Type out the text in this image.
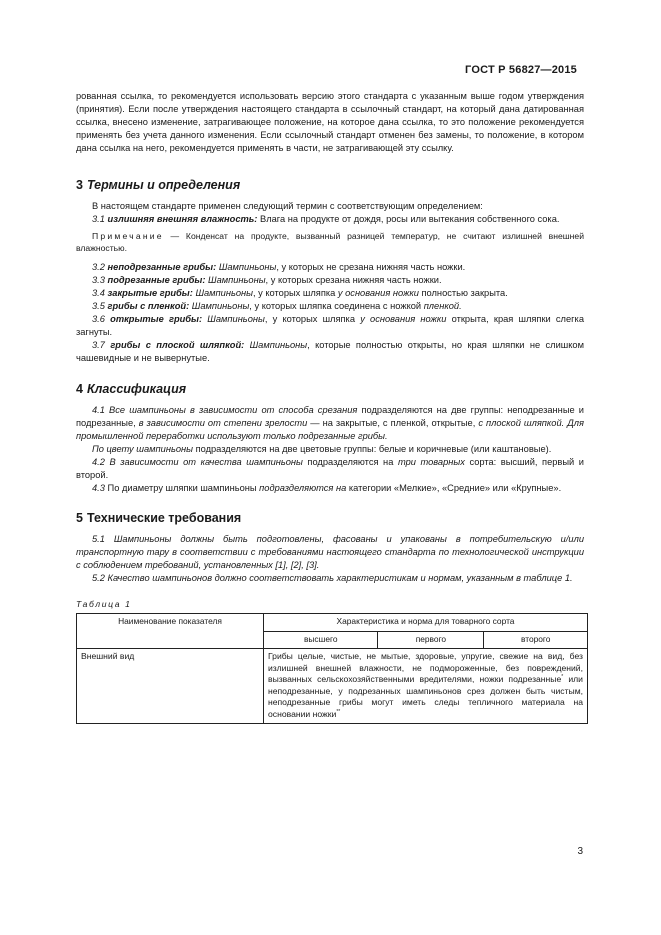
ГОСТ Р 56827—2015

рованная ссылка, то рекомендуется использовать версию этого стандарта с указанным выше годом утверждения (принятия). Если после утверждения настоящего стандарта в ссылочный стандарт, на который дана датированная ссылка, внесено изменение, затрагивающее положение, на которое дана ссылка, то это положение рекомендуется применять без учета данного изменения. Если ссылочный стандарт отменен без замены, то положение, в котором дана ссылка на него, рекомендуется применять в части, не затрагивающей эту ссылку.

3 Термины и определения

В настоящем стандарте применен следующий термин с соответствующим определением:

3.1 излишняя внешняя влажность: Влага на продукте от дождя, росы или вытекания собственного сока.

Примечание — Конденсат на продукте, вызванный разницей температур, не считают излишней внешней влажностью.

3.2 неподрезанные грибы: Шампиньоны, у которых не срезана нижняя часть ножки.

3.3 подрезанные грибы: Шампиньоны, у которых срезана нижняя часть ножки.

3.4 закрытые грибы: Шампиньоны, у которых шляпка у основания ножки полностью закрыта.

3.5 грибы с пленкой: Шампиньоны, у которых шляпка соединена с ножкой пленкой.

3.6 открытые грибы: Шампиньоны, у которых шляпка у основания ножки открыта, края шляпки слегка загнуты.

3.7 грибы с плоской шляпкой: Шампиньоны, которые полностью открыты, но края шляпки не слишком чашевидные и не вывернутые.

4 Классификация

4.1 Все шампиньоны в зависимости от способа срезания подразделяются на две группы: неподрезанные и подрезанные, в зависимости от степени зрелости — на закрытые, с пленкой, открытые, с плоской шляпкой. Для промышленной переработки используют только подрезанные грибы.

По цвету шампиньоны подразделяются на две цветовые группы: белые и коричневые (или каштановые).

4.2 В зависимости от качества шампиньоны подразделяются на три товарных сорта: высший, первый и второй.

4.3 По диаметру шляпки шампиньоны подразделяются на категории «Мелкие», «Средние» или «Крупные».

5 Технические требования

5.1 Шампиньоны должны быть подготовлены, фасованы и упакованы в потребительскую и/или транспортную тару в соответствии с требованиями настоящего стандарта по технологической инструкции с соблюдением требований, установленных [1], [2], [3].

5.2 Качество шампиньонов должно соответствовать характеристикам и нормам, указанным в таблице 1.

Таблица 1
Наименование показателя	Характеристика и норма для товарного сорта		
	высшего	первого	второго
Внешний вид	Грибы целые, чистые, не мытые, здоровые, упругие, свежие на вид, без излишней внешней влажности, не подмороженные, без повреждений, вызванных сельскохозяйственными вредителями, ножки подрезанные* или неподрезанные, у подрезанных шампиньонов срез должен быть чистым, неподрезанные грибы могут иметь следы тепличного материала на основании ножки**
3
